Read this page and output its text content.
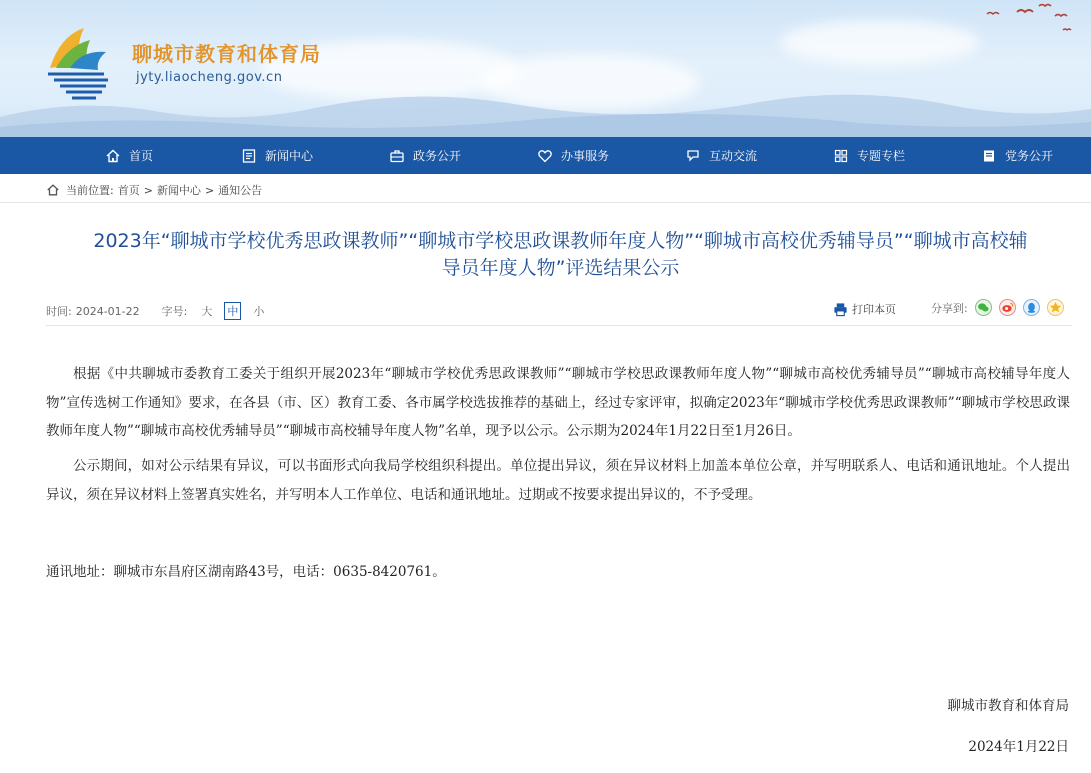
聊城市教育和体育局
jyty.liaocheng.gov.cn
首页	新闻中心	政务公开	办事服务	互动交流	专题专栏	党务公开
当前位置: 首页 > 新闻中心 > 通知公告
2023年“聊城市学校优秀思政课教师”“聊城市学校思政课教师年度人物”“聊城市高校优秀辅导员”“聊城市高校辅
导员年度人物”评选结果公示
时间: 2024-01-22 字号: 大 中 小	打印本页	分享到:

根据《中共聊城市委教育工委关于组织开展2023年“聊城市学校优秀思政课教师”“聊城市学校思政课教师年度人物”“聊城市高校优秀辅导员”“聊城市高校辅导年度人物”宣传选树工作通知》要求，在各县（市、区）教育工委、各市属学校选拔推荐的基础上，经过专家评审，拟确定2023年“聊城市学校优秀思政课教师”“聊城市学校思政课教师年度人物”“聊城市高校优秀辅导员”“聊城市高校辅导年度人物”名单，现予以公示。公示期为2024年1月22日至1月26日。

公示期间，如对公示结果有异议，可以书面形式向我局学校组织科提出。单位提出异议，须在异议材料上加盖本单位公章，并写明联系人、电话和通讯地址。个人提出异议，须在异议材料上签署真实姓名，并写明本人工作单位、电话和通讯地址。过期或不按要求提出异议的，不予受理。

通讯地址：聊城市东昌府区湖南路43号，电话：0635-8420761。

聊城市教育和体育局
2024年1月22日
